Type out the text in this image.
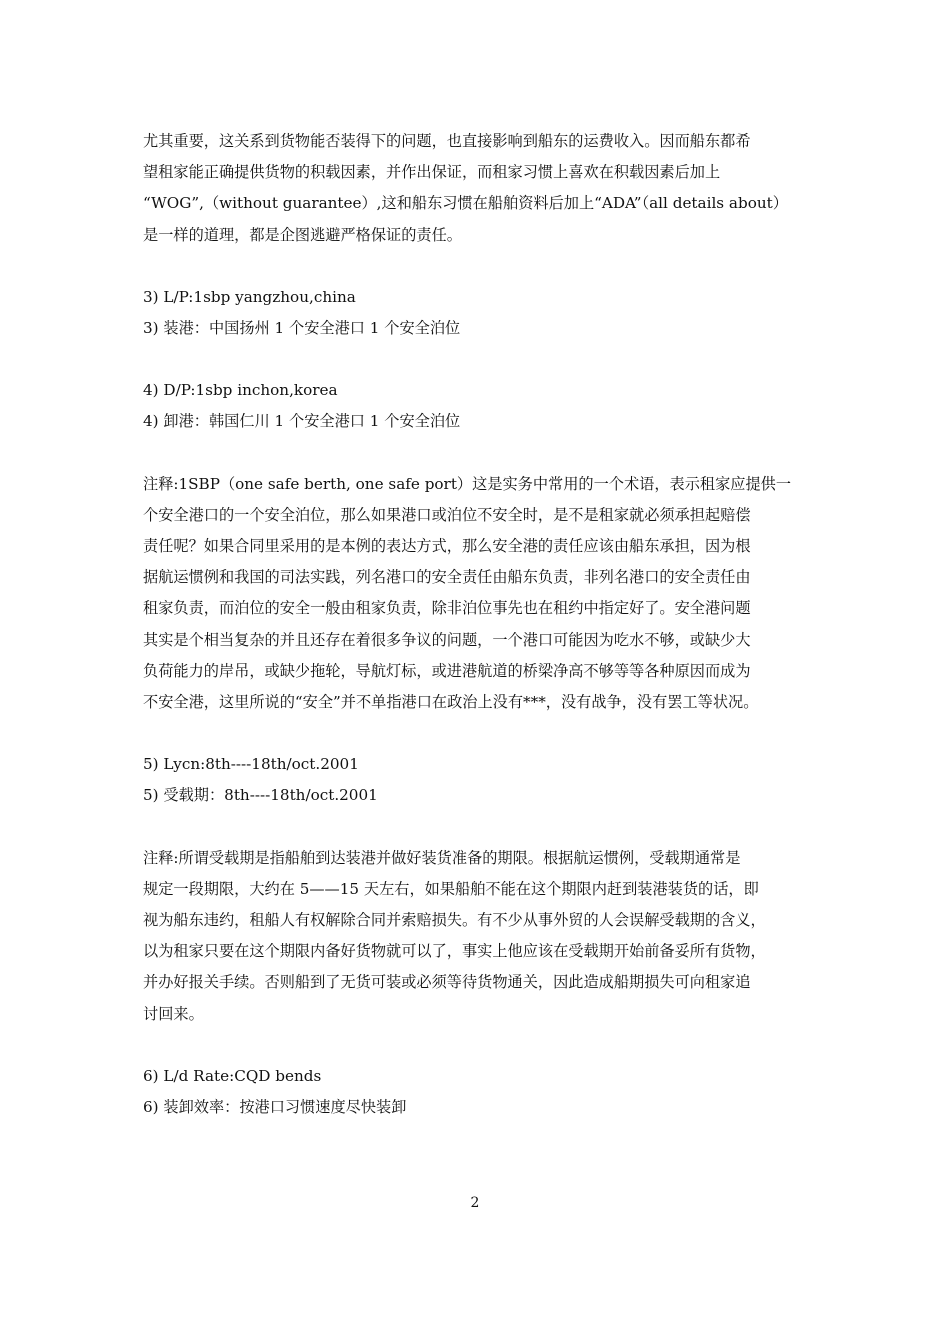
尤其重要，这关系到货物能否装得下的问题，也直接影响到船东的运费收入。因而船东都希
望租家能正确提供货物的积载因素，并作出保证，而租家习惯上喜欢在积载因素后加上
“WOG”,（without guarantee）,这和船东习惯在船舶资料后加上“ADA”（all details about）
是一样的道理，都是企图逃避严格保证的责任。
3) L/P:1sbp yangzhou,china
3) 装港：中国扬州 1 个安全港口 1 个安全泊位
4) D/P:1sbp inchon,korea
4) 卸港：韩国仁川 1 个安全港口 1 个安全泊位
注释:1SBP（one safe berth, one safe port）这是实务中常用的一个术语，表示租家应提供一
个安全港口的一个安全泊位，那么如果港口或泊位不安全时，是不是租家就必须承担起赔偿
责任呢？如果合同里采用的是本例的表达方式，那么安全港的责任应该由船东承担，因为根
据航运惯例和我国的司法实践，列名港口的安全责任由船东负责，非列名港口的安全责任由
租家负责，而泊位的安全一般由租家负责，除非泊位事先也在租约中指定好了。安全港问题
其实是个相当复杂的并且还存在着很多争议的问题，一个港口可能因为吃水不够，或缺少大
负荷能力的岸吊，或缺少拖轮，导航灯标，或进港航道的桥梁净高不够等等各种原因而成为
不安全港，这里所说的“安全”并不单指港口在政治上没有***，没有战争，没有罢工等状况。
5) Lycn:8th----18th/oct.2001
5) 受载期：8th----18th/oct.2001
注释:所谓受载期是指船舶到达装港并做好装货准备的期限。根据航运惯例，受载期通常是
规定一段期限，大约在 5——15 天左右，如果船舶不能在这个期限内赶到装港装货的话，即
视为船东违约，租船人有权解除合同并索赔损失。有不少从事外贸的人会误解受载期的含义，
以为租家只要在这个期限内备好货物就可以了，事实上他应该在受载期开始前备妥所有货物，
并办好报关手续。否则船到了无货可装或必须等待货物通关，因此造成船期损失可向租家追
讨回来。
6) L/d Rate:CQD bends
6) 装卸效率：按港口习惯速度尽快装卸
2
